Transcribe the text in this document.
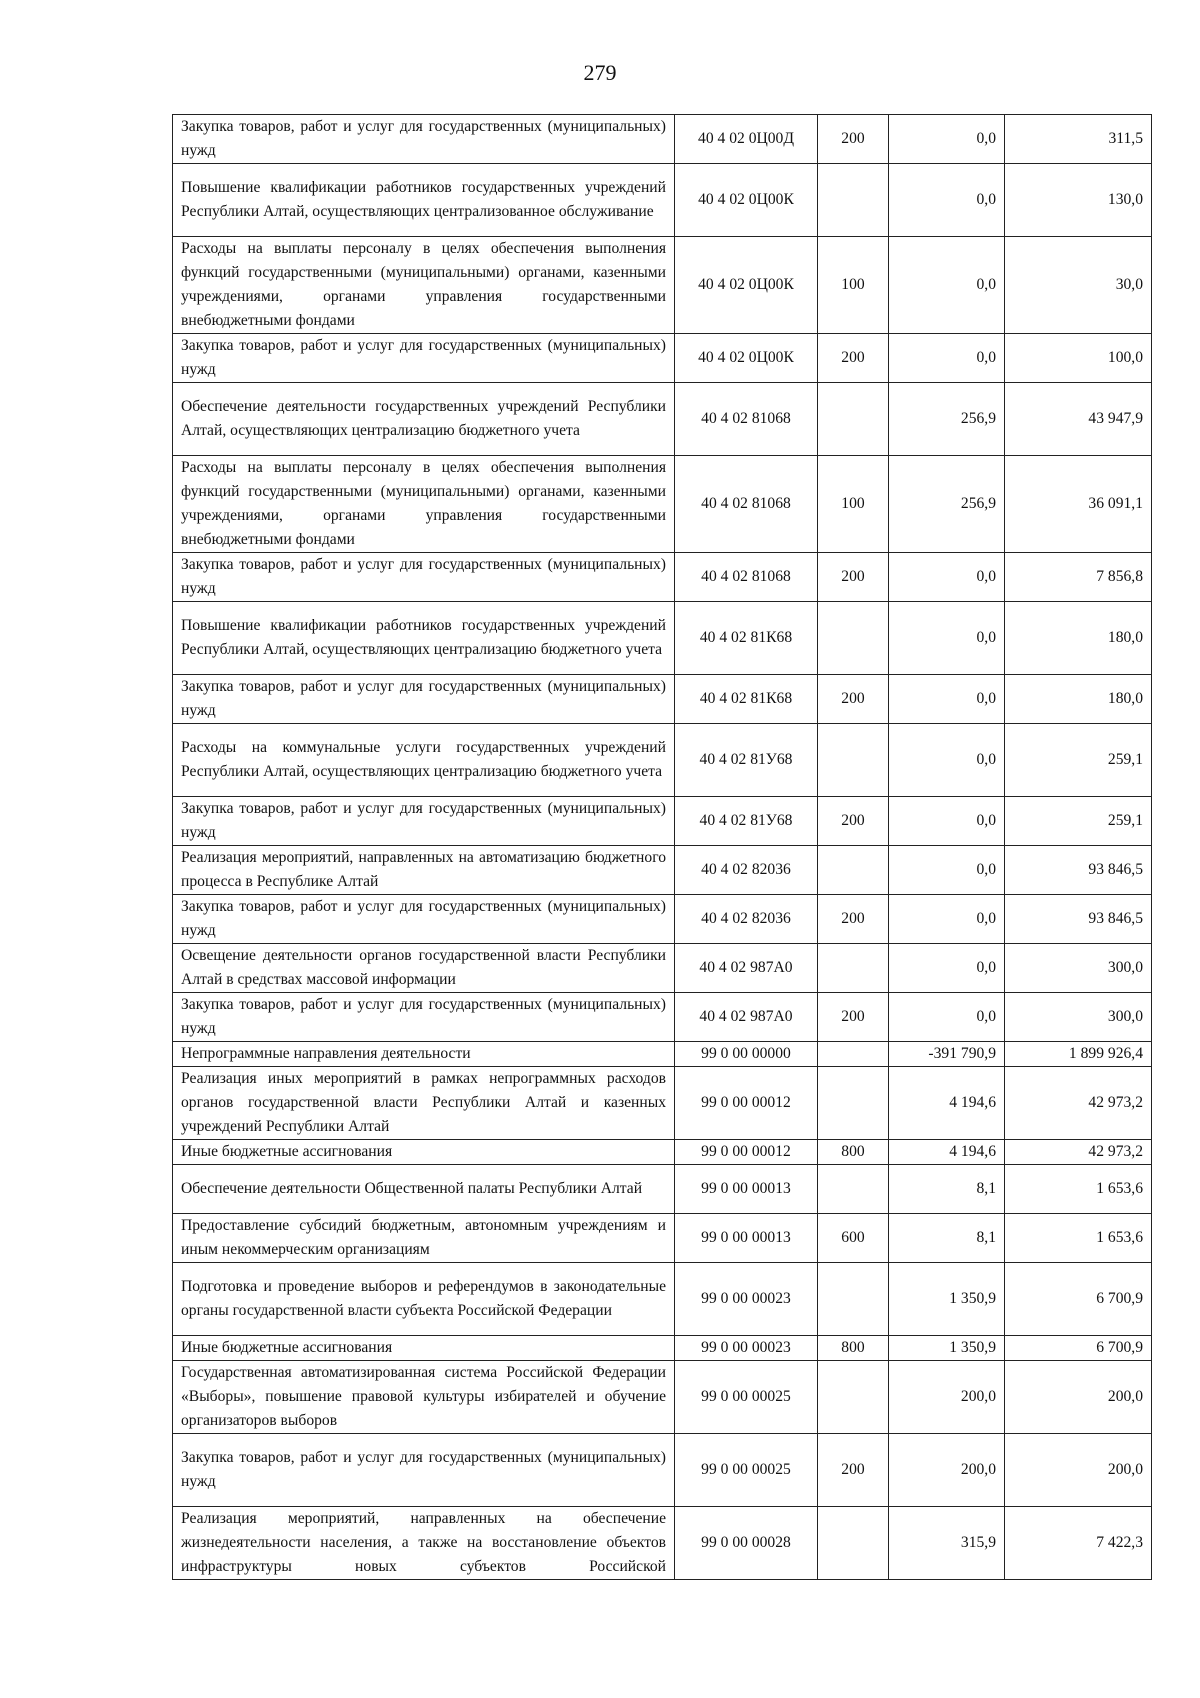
279
Закупка товаров, работ и услуг для государственных (муниципальных) нужд	40 4 02 0Ц00Д	200	0,0	311,5
Повышение квалификации работников государственных учреждений Республики Алтай, осуществляющих централизованное обслуживание	40 4 02 0Ц00К		0,0	130,0
Расходы на выплаты персоналу в целях обеспечения выполнения функций государственными (муниципальными) органами, казенными учреждениями, органами управления государственными внебюджетными фондами	40 4 02 0Ц00К	100	0,0	30,0
Закупка товаров, работ и услуг для государственных (муниципальных) нужд	40 4 02 0Ц00К	200	0,0	100,0
Обеспечение деятельности государственных учреждений Республики Алтай, осуществляющих централизацию бюджетного учета	40 4 02 81068		256,9	43 947,9
Расходы на выплаты персоналу в целях обеспечения выполнения функций государственными (муниципальными) органами, казенными учреждениями, органами управления государственными внебюджетными фондами	40 4 02 81068	100	256,9	36 091,1
Закупка товаров, работ и услуг для государственных (муниципальных) нужд	40 4 02 81068	200	0,0	7 856,8
Повышение квалификации работников государственных учреждений Республики Алтай, осуществляющих централизацию бюджетного учета	40 4 02 81К68		0,0	180,0
Закупка товаров, работ и услуг для государственных (муниципальных) нужд	40 4 02 81К68	200	0,0	180,0
Расходы на коммунальные услуги государственных учреждений Республики Алтай, осуществляющих централизацию бюджетного учета	40 4 02 81У68		0,0	259,1
Закупка товаров, работ и услуг для государственных (муниципальных) нужд	40 4 02 81У68	200	0,0	259,1
Реализация мероприятий, направленных на автоматизацию бюджетного процесса в Республике Алтай	40 4 02 82036		0,0	93 846,5
Закупка товаров, работ и услуг для государственных (муниципальных) нужд	40 4 02 82036	200	0,0	93 846,5
Освещение деятельности органов государственной власти Республики Алтай в средствах массовой информации	40 4 02 987А0		0,0	300,0
Закупка товаров, работ и услуг для государственных (муниципальных) нужд	40 4 02 987А0	200	0,0	300,0
Непрограммные направления деятельности	99 0 00 00000		-391 790,9	1 899 926,4
Реализация иных мероприятий в рамках непрограммных расходов органов государственной власти Республики Алтай и казенных учреждений Республики Алтай	99 0 00 00012		4 194,6	42 973,2
Иные бюджетные ассигнования	99 0 00 00012	800	4 194,6	42 973,2
Обеспечение деятельности Общественной палаты Республики Алтай	99 0 00 00013		8,1	1 653,6
Предоставление субсидий бюджетным, автономным учреждениям и иным некоммерческим организациям	99 0 00 00013	600	8,1	1 653,6
Подготовка и проведение выборов и референдумов в законодательные органы государственной власти субъекта Российской Федерации	99 0 00 00023		1 350,9	6 700,9
Иные бюджетные ассигнования	99 0 00 00023	800	1 350,9	6 700,9
Государственная автоматизированная система Российской Федерации «Выборы», повышение правовой культуры избирателей и обучение организаторов выборов	99 0 00 00025		200,0	200,0
Закупка товаров, работ и услуг для государственных (муниципальных) нужд	99 0 00 00025	200	200,0	200,0
Реализация мероприятий, направленных на обеспечение жизнедеятельности населения, а также на восстановление объектов инфраструктуры новых субъектов Российской	99 0 00 00028		315,9	7 422,3
